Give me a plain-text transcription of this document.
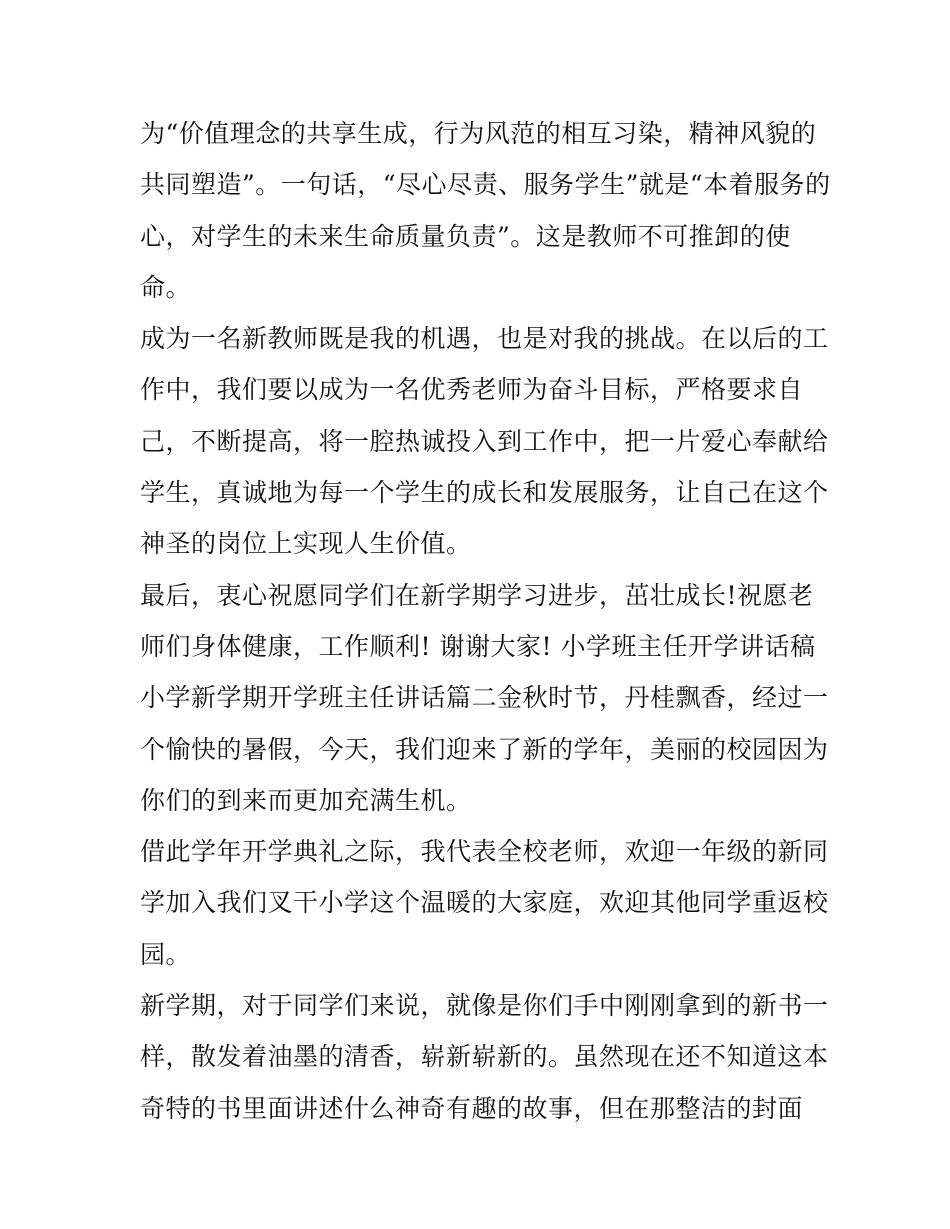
为“价值理念的共享生成，行为风范的相互习染，精神风貌的
共同塑造”。一句话，“尽心尽责、服务学生”就是“本着服务的
心，对学生的未来生命质量负责”。这是教师不可推卸的使
命。
成为一名新教师既是我的机遇，也是对我的挑战。在以后的工
作中，我们要以成为一名优秀老师为奋斗目标，严格要求自
己，不断提高，将一腔热诚投入到工作中，把一片爱心奉献给
学生，真诚地为每一个学生的成长和发展服务，让自己在这个
神圣的岗位上实现人生价值。
最后，衷心祝愿同学们在新学期学习进步，茁壮成长!祝愿老
师们身体健康，工作顺利! 谢谢大家! 小学班主任开学讲话稿
小学新学期开学班主任讲话篇二金秋时节，丹桂飘香，经过一
个愉快的暑假，今天，我们迎来了新的学年，美丽的校园因为
你们的到来而更加充满生机。
借此学年开学典礼之际，我代表全校老师，欢迎一年级的新同
学加入我们叉干小学这个温暖的大家庭，欢迎其他同学重返校
园。
新学期，对于同学们来说，就像是你们手中刚刚拿到的新书一
样，散发着油墨的清香，崭新崭新的。虽然现在还不知道这本
奇特的书里面讲述什么神奇有趣的故事，但在那整洁的封面
